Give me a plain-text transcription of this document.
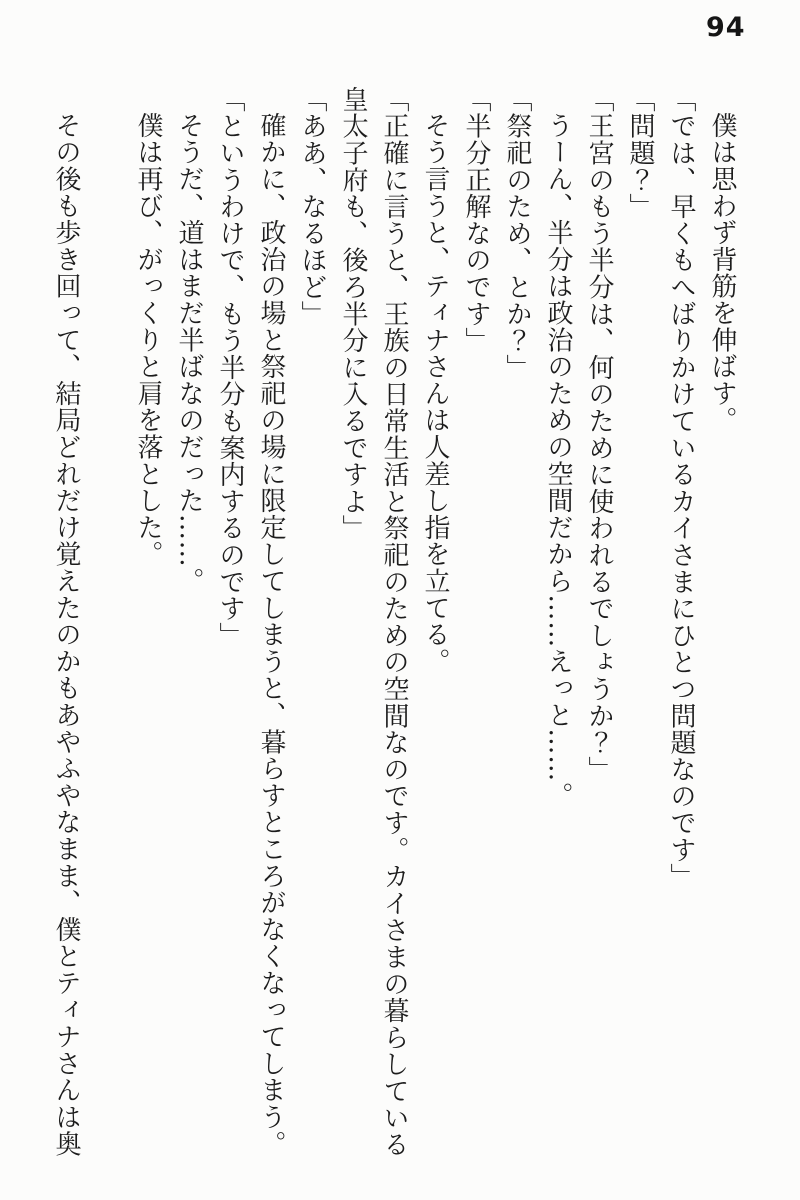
94

僕は思わず背筋を伸ばす。

「では、早くもへばりかけているカイさまにひとつ問題なのです」

「問題？」

「王宮のもう半分は、何のために使われるでしょうか？」

うーん、半分は政治のための空間だから……えっと……。

「祭祀のため、とか？」

「半分正解なのです」

そう言うと、ティナさんは人差し指を立てる。

「正確に言うと、王族の日常生活と祭祀のための空間なのです。カイさまの暮らしている皇太子府も、後ろ半分に入るですよ」

「ああ、なるほど」

確かに、政治の場と祭祀の場に限定してしまうと、暮らすところがなくなってしまう。

「というわけで、もう半分も案内するのです」

そうだ、道はまだ半ばなのだった……。

僕は再び、がっくりと肩を落とした。

その後も歩き回って、結局どれだけ覚えたのかもあやふやなまま、僕とティナさんは奥
